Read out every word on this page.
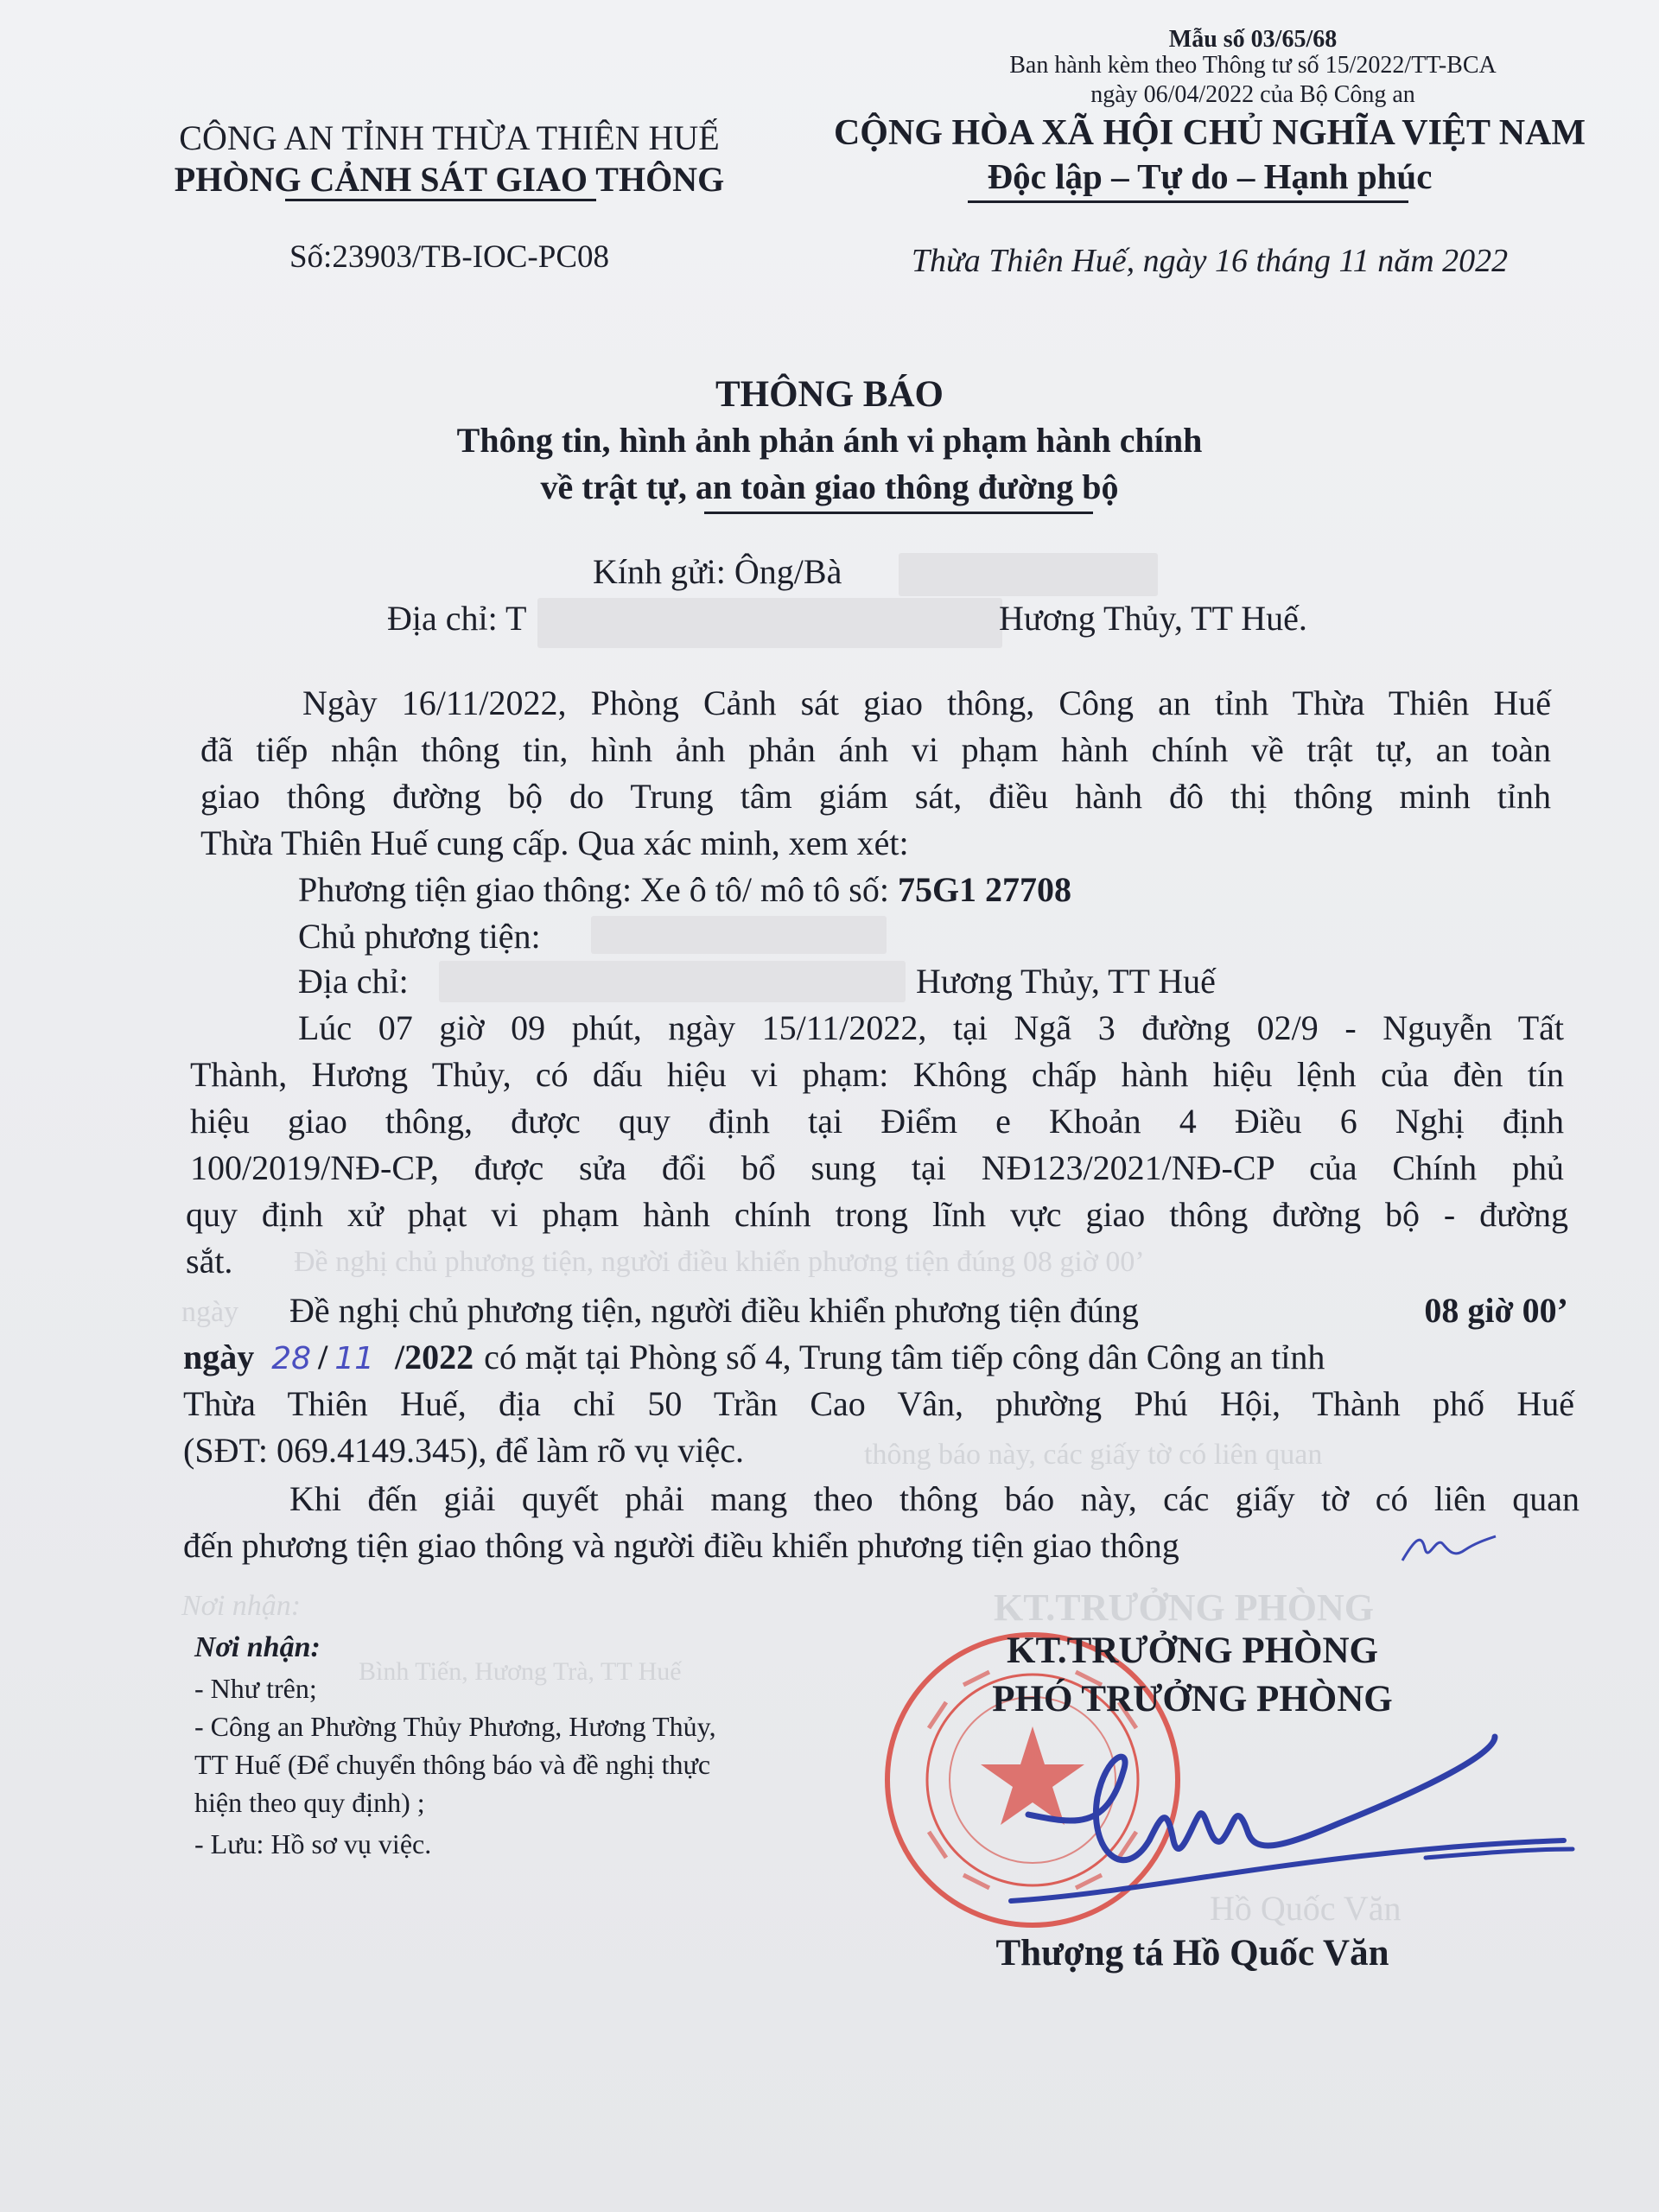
Đề nghị chủ phương tiện, người điều khiển phương tiện đúng 08 giờ 00’
ngày
thông báo này, các giấy tờ có liên quan
Nơi nhận:	KT.TRƯỞNG PHÒNG
Bình Tiến, Hương Trà, TT Huế
Hồ Quốc Văn
Mẫu số 03/65/68
Ban hành kèm theo Thông tư số 15/2022/TT-BCA
ngày 06/04/2022 của Bộ Công an
CÔNG AN TỈNH THỪA THIÊN HUẾ
PHÒNG CẢNH SÁT GIAO THÔNG
Số:23903/TB-IOC-PC08
CỘNG HÒA XÃ HỘI CHỦ NGHĨA VIỆT NAM
Độc lập – Tự do – Hạnh phúc
Thừa Thiên Huế, ngày 16 tháng 11 năm 2022
THÔNG BÁO
Thông tin, hình ảnh phản ánh vi phạm hành chính
về trật tự, an toàn giao thông đường bộ
Kính gửi: Ông/Bà
Địa chỉ: T	Hương Thủy, TT Huế.
Ngày 16/11/2022, Phòng Cảnh sát giao thông, Công an tỉnh Thừa Thiên Huế
đã tiếp nhận thông tin, hình ảnh phản ánh vi phạm hành chính về trật tự, an toàn
giao thông đường bộ do Trung tâm giám sát, điều hành đô thị thông minh tỉnh
Thừa Thiên Huế cung cấp. Qua xác minh, xem xét:
Phương tiện giao thông: Xe ô tô/ mô tô số: 75G1 27708
Chủ phương tiện:
Địa chỉ:	Hương Thủy, TT Huế
Lúc 07 giờ 09 phút, ngày 15/11/2022, tại Ngã 3 đường 02/9 - Nguyễn Tất
Thành, Hương Thủy, có dấu hiệu vi phạm: Không chấp hành hiệu lệnh của đèn tín
hiệu giao thông, được quy định tại Điểm e Khoản 4 Điều 6 Nghị định
100/2019/NĐ-CP, được sửa đổi bổ sung tại NĐ123/2021/NĐ-CP của Chính phủ
quy định xử phạt vi phạm hành chính trong lĩnh vực giao thông đường bộ - đường
sắt.
Đề nghị chủ phương tiện, người điều khiển phương tiện đúng	08 giờ 00’
ngày 28 / 11 /2022 có mặt tại Phòng số 4, Trung tâm tiếp công dân Công an tỉnh
Thừa Thiên Huế, địa chỉ 50 Trần Cao Vân, phường Phú Hội, Thành phố Huế
(SĐT: 069.4149.345), để làm rõ vụ việc.
Khi đến giải quyết phải mang theo thông báo này, các giấy tờ có liên quan
đến phương tiện giao thông và người điều khiển phương tiện giao thông
Nơi nhận:
- Như trên;
- Công an Phường Thủy Phương, Hương Thủy,
TT Huế (Để chuyển thông báo và đề nghị thực
hiện theo quy định) ;
- Lưu: Hồ sơ vụ việc.
KT.TRƯỞNG PHÒNG
PHÓ TRƯỞNG PHÒNG
Thượng tá Hồ Quốc Văn
